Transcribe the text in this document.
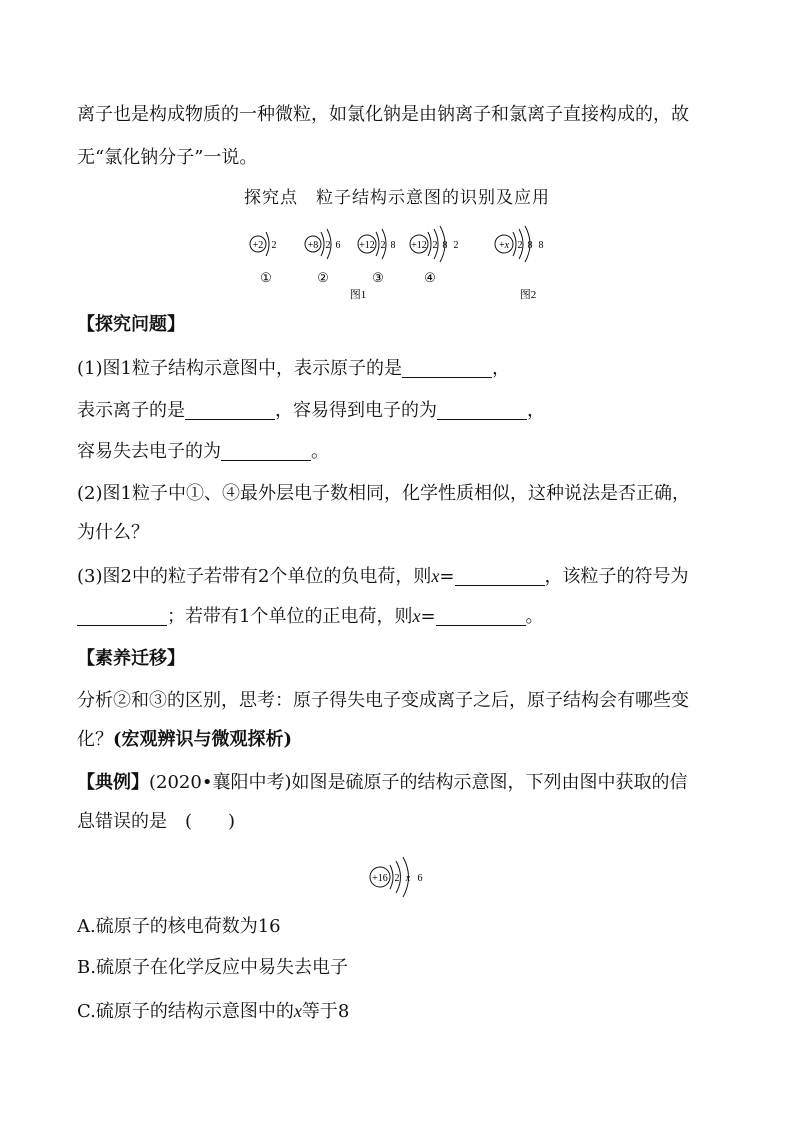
离子也是构成物质的一种微粒，如氯化钠是由钠离子和氯离子直接构成的，故
无“氯化钠分子”一说。
探究点　粒子结构示意图的识别及应用
+2 2
①
+8 2 6
②
+12 2 8
③
+12 2 8 2
④
图1
+x 2 8 8
图2
【探究问题】
(1)图1粒子结构示意图中，表示原子的是	，
表示离子的是	，容易得到电子的为	，
容易失去电子的为	。
(2)图1粒子中①、④最外层电子数相同，化学性质相似，这种说法是否正确，
为什么？
(3)图2中的粒子若带有2个单位的负电荷，则x=	，该粒子的符号为
；若带有1个单位的正电荷，则x=	。
【素养迁移】
分析②和③的区别，思考：原子得失电子变成离子之后，原子结构会有哪些变
化？(宏观辨识与微观探析)
【典例】(2020•襄阳中考)如图是硫原子的结构示意图，下列由图中获取的信
息错误的是　(　　)
+16 2 x 6
A.硫原子的核电荷数为16
B.硫原子在化学反应中易失去电子
C.硫原子的结构示意图中的x等于8
